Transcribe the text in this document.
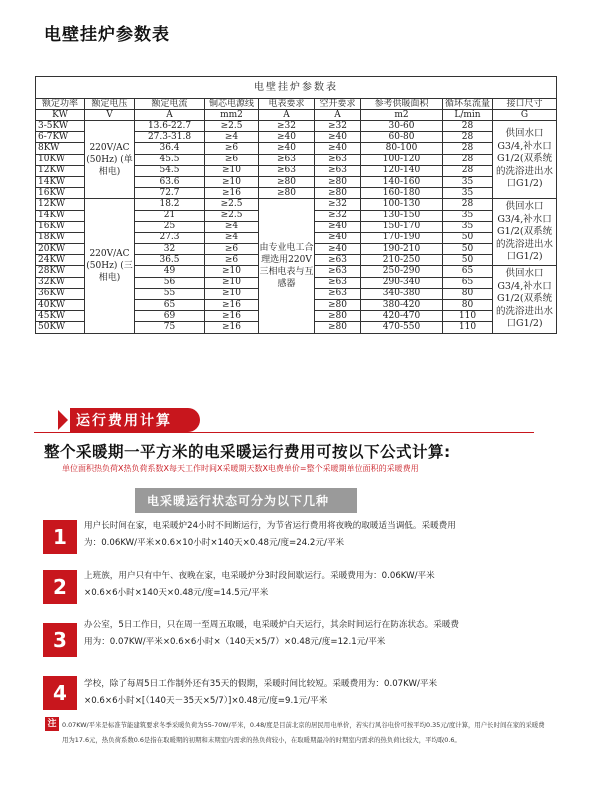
电壁挂炉参数表
电壁挂炉参数表								
额定功率	额定电压	额定电流	铜芯电源线	电表要求	空开要求	参考供暖面积	循环泵流量	接口尺寸
KW	V	A	mm2	A	A	m2	L/min	G
3-5KW	220V/AC (50Hz) (单相电)	13.6-22.7	≥2.5	≥32	≥32	30-60	28	供回水口G3/4,补水口G1/2(双系统的洗浴进出水口G1/2)
6-7KW		27.3-31.8	≥4	≥40	≥40	60-80	28	
8KW		36.4	≥6	≥40	≥40	80-100	28	
10KW		45.5	≥6	≥63	≥63	100-120	28	
12KW		54.5	≥10	≥63	≥63	120-140	28	
14KW		63.6	≥10	≥80	≥80	140-160	35	
16KW		72.7	≥16	≥80	≥80	160-180	35	
12KW	220V/AC (50Hz) (三相电)	18.2	≥2.5	由专业电工合理选用220V三相电表与互感器	≥32	100-130	28	供回水口G3/4,补水口G1/2(双系统的洗浴进出水口G1/2)
14KW		21	≥2.5		≥32	130-150	35	
16KW		25	≥4		≥40	150-170	35	
18KW		27.3	≥4		≥40	170-190	50	
20KW		32	≥6		≥40	190-210	50	
24KW		36.5	≥6		≥63	210-250	50	
28KW		49	≥10		≥63	250-290	65	供回水口G3/4,补水口G1/2(双系统的洗浴进出水口G1/2)
32KW		56	≥10		≥63	290-340	65	
36KW		55	≥10		≥63	340-380	80	
40KW		65	≥16		≥80	380-420	80	
45KW		69	≥16		≥80	420-470	110	
50KW		75	≥16		≥80	470-550	110	
运行费用计算
整个采暖期一平方米的电采暖运行费用可按以下公式计算:
单位面积热负荷X热负荷系数X每天工作时间X采暖期天数X电费单价=整个采暖期单位面积的采暖费用
电采暖运行状态可分为以下几种
1	用户长时间在家，电采暖炉24小时不间断运行，为节省运行费用将夜晚的取暖适当调低。采暖费用为：0.06KW/平米×0.6×10小时×140天×0.48元/度=24.2元/平米
2	上班族，用户只有中午、夜晚在家，电采暖炉分3时段间歇运行。采暖费用为：0.06KW/平米×0.6×6小时×140天×0.48元/度=14.5元/平米
3
办公室，5日工作日，只在周一至周五取暖，电采暖炉白天运行，其余时间运行在防冻状态。采暖费用为：0.07KW/平米×0.6×6小时×（140天×5/7）×0.48元/度=12.1元/平米
4	学校，除了每周5日工作制外还有35天的假期，采暖时间比较短。采暖费用为：0.07KW/平米×0.6×6小时×[（140天－35天×5/7）]×0.48元/度=9.1元/平米
注 0.07KW/平米是标准节能建筑要求冬季采暖负荷为55-70W/平米，0.48/度是目前北京的居民用电单价，若实行风谷电价可按平均0.35元/度计算，用户长时间在家的采暖费用为17.6元，热负荷系数0.6是指在取暖期的初期和末期室内需求的热负荷较小，在取暖期最冷的时期室内需求的热负荷比较大，平均取0.6。
